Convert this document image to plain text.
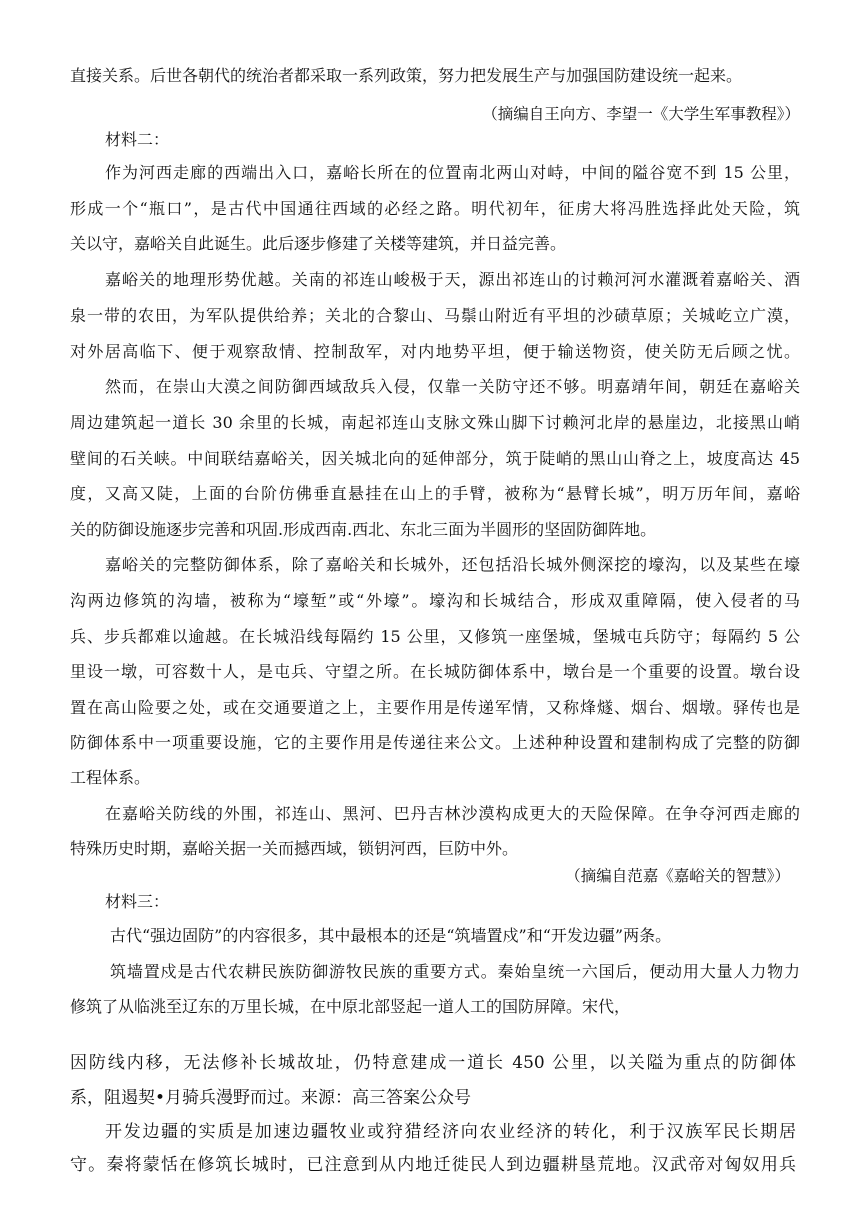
直接关系。后世各朝代的统治者都采取一系列政策，努力把发展生产与加强国防建设统一起来。
（摘编自王向方、李望一《大学生军事教程》）
材料二：
作为河西走廊的西端出入口，嘉峪长所在的位置南北两山对峙，中间的隘谷宽不到 15 公里，
形成一个“瓶口”，是古代中国通往西域的必经之路。明代初年，征虏大将冯胜选择此处天险，筑
关以守，嘉峪关自此诞生。此后逐步修建了关楼等建筑，并日益完善。
嘉峪关的地理形势优越。关南的祁连山峻极于天，源出祁连山的讨赖河河水灌溉着嘉峪关、酒
泉一带的农田，为军队提供给养；关北的合黎山、马鬃山附近有平坦的沙碛草原；关城屹立广漠，
对外居高临下、便于观察敌情、控制敌军，对内地势平坦，便于输送物资，使关防无后顾之忧。
然而，在崇山大漠之间防御西域敌兵入侵，仅靠一关防守还不够。明嘉靖年间，朝廷在嘉峪关
周边建筑起一道长 30 余里的长城，南起祁连山支脉文殊山脚下讨赖河北岸的悬崖边，北接黑山峭
壁间的石关峡。中间联结嘉峪关，因关城北向的延伸部分，筑于陡峭的黑山山脊之上，坡度高达 45
度，又高又陡，上面的台阶仿佛垂直悬挂在山上的手臂，被称为“悬臂长城”，明万历年间，嘉峪
关的防御设施逐步完善和巩固.形成西南.西北、东北三面为半圆形的坚固防御阵地。
嘉峪关的完整防御体系，除了嘉峪关和长城外，还包括沿长城外侧深挖的壕沟，以及某些在壕
沟两边修筑的沟墙，被称为“壕堑”或“外壕”。壕沟和长城结合，形成双重障隔，使入侵者的马
兵、步兵都难以逾越。在长城沿线每隔约 15 公里，又修筑一座堡城，堡城屯兵防守；每隔约 5 公
里设一墩，可容数十人，是屯兵、守望之所。在长城防御体系中，墩台是一个重要的设置。墩台设
置在高山险要之处，或在交通要道之上，主要作用是传递军情，又称烽燧、烟台、烟墩。驿传也是
防御体系中一项重要设施，它的主要作用是传递往来公文。上述种种设置和建制构成了完整的防御
工程体系。
在嘉峪关防线的外围，祁连山、黑河、巴丹吉林沙漠构成更大的天险保障。在争夺河西走廊的
特殊历史时期，嘉峪关据一关而撼西域，锁钥河西，巨防中外。
（摘编自范嘉《嘉峪关的智慧》）
材料三：
古代“强边固防”的内容很多，其中最根本的还是“筑墙置戍”和“开发边疆”两条。
筑墙置戍是古代农耕民族防御游牧民族的重要方式。秦始皇统一六国后，便动用大量人力物力
修筑了从临洮至辽东的万里长城，在中原北部竖起一道人工的国防屏障。宋代，
因防线内移，无法修补长城故址，仍特意建成一道长 450 公里，以关隘为重点的防御体
系，阻遏契•月骑兵漫野而过。来源：高三答案公众号
开发边疆的实质是加速边疆牧业或狩猎经济向农业经济的转化，利于汉族军民长期居
守。秦将蒙恬在修筑长城时，已注意到从内地迁徙民人到边疆耕垦荒地。汉武帝对匈奴用兵
